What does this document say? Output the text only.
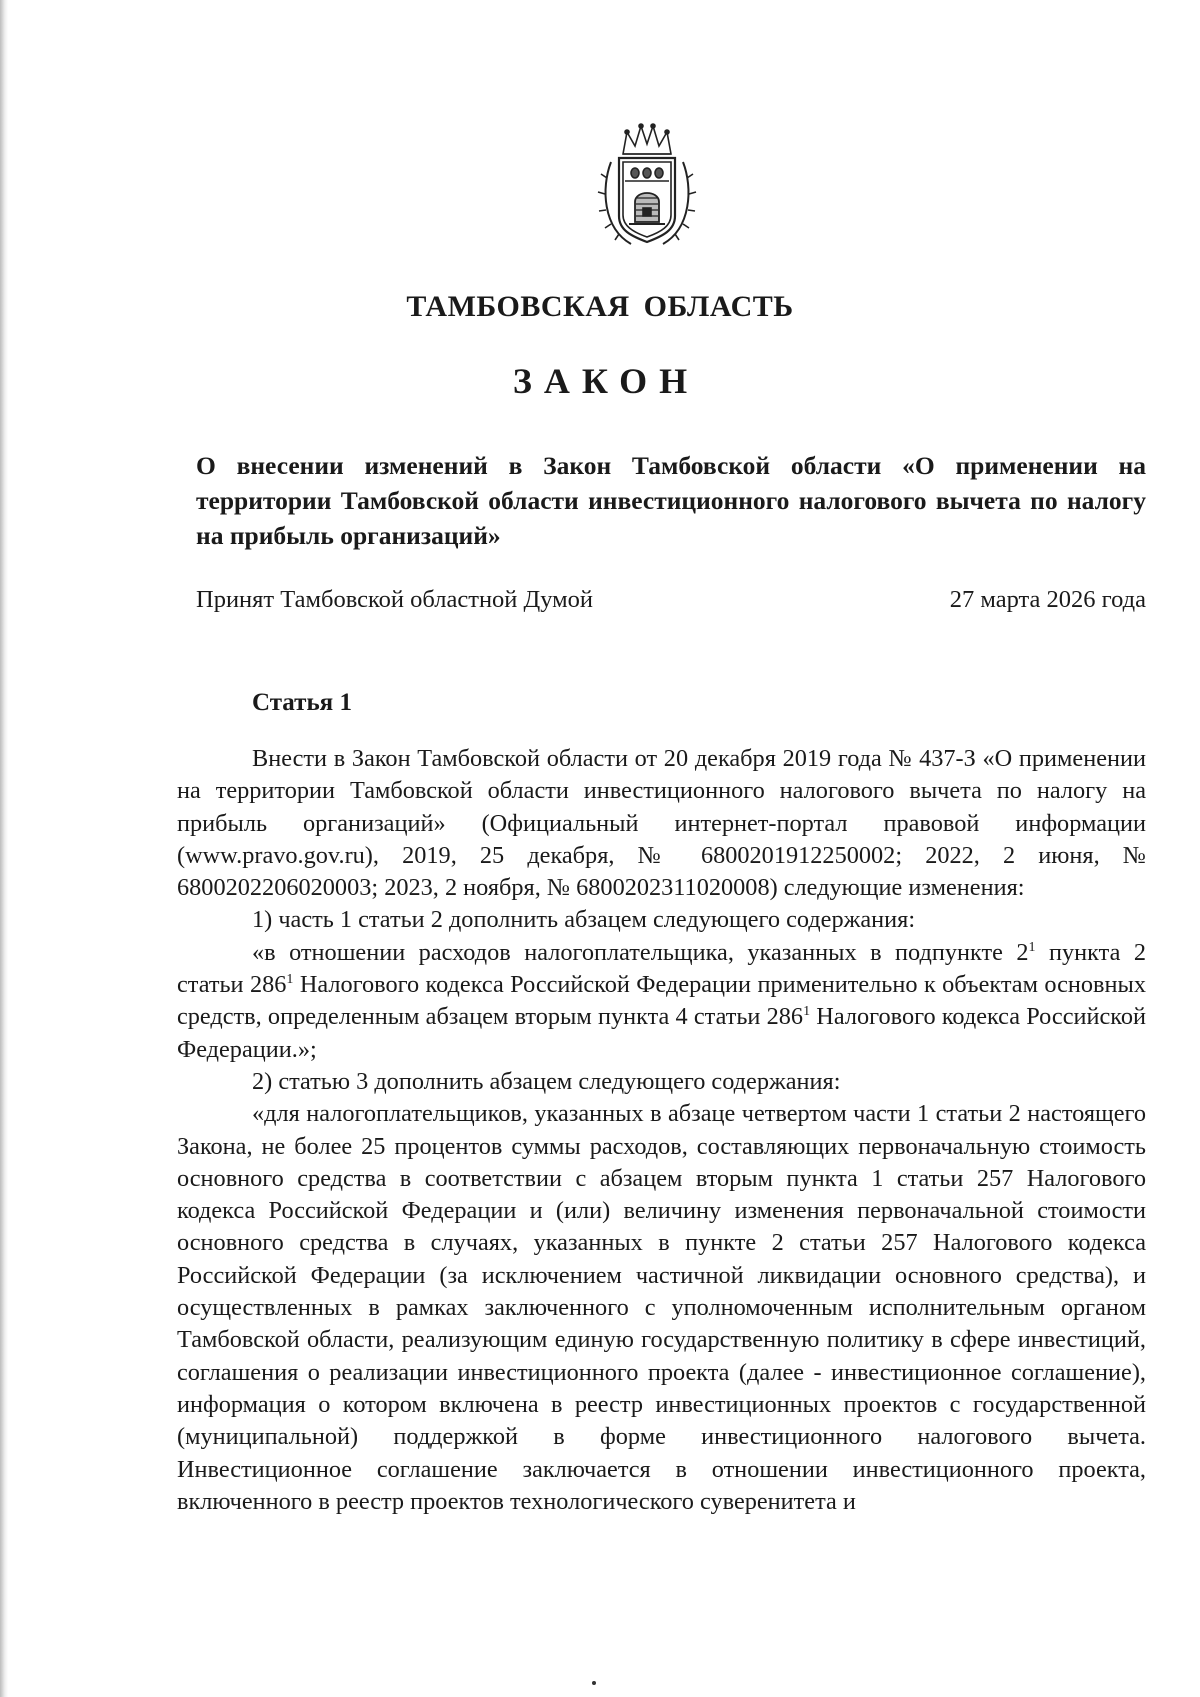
ТАМБОВСКАЯ ОБЛАСТЬ
ЗАКОН
О внесении изменений в Закон Тамбовской области «О применении на территории Тамбовской области инвестиционного налогового вычета по налогу на прибыль организаций»
Принят Тамбовской областной Думой	27 марта 2026 года
Статья 1

Внести в Закон Тамбовской области от 20 декабря 2019 года № 437-З «О применении на территории Тамбовской области инвестиционного налогового вычета по налогу на прибыль организаций» (Официальный интернет-портал правовой информации (www.pravo.gov.ru), 2019, 25 декабря, № 6800201912250002; 2022, 2 июня, № 6800202206020003; 2023, 2 ноября, № 6800202311020008) следующие изменения:

1) часть 1 статьи 2 дополнить абзацем следующего содержания:

«в отношении расходов налогоплательщика, указанных в подпункте $2^1$ пункта 2 статьи $286^1$ Налогового кодекса Российской Федерации применительно к объектам основных средств, определенным абзацем вторым пункта 4 статьи $286^1$ Налогового кодекса Российской Федерации.»;

2) статью 3 дополнить абзацем следующего содержания:

«для налогоплательщиков, указанных в абзаце четвертом части 1 статьи 2 настоящего Закона, не более 25 процентов суммы расходов, составляющих первоначальную стоимость основного средства в соответствии с абзацем вторым пункта 1 статьи 257 Налогового кодекса Российской Федерации и (или) величину изменения первоначальной стоимости основного средства в случаях, указанных в пункте 2 статьи 257 Налогового кодекса Российской Федерации (за исключением частичной ликвидации основного средства), и осуществленных в рамках заключенного с уполномоченным исполнительным органом Тамбовской области, реализующим единую государственную политику в сфере инвестиций, соглашения о реализации инвестиционного проекта (далее - инвестиционное соглашение), информация о котором включена в реестр инвестиционных проектов с государственной (муниципальной) поддержкой в форме инвестиционного налогового вычета. Инвестиционное соглашение заключается в отношении инвестиционного проекта, включенного в реестр проектов технологического суверенитета и
